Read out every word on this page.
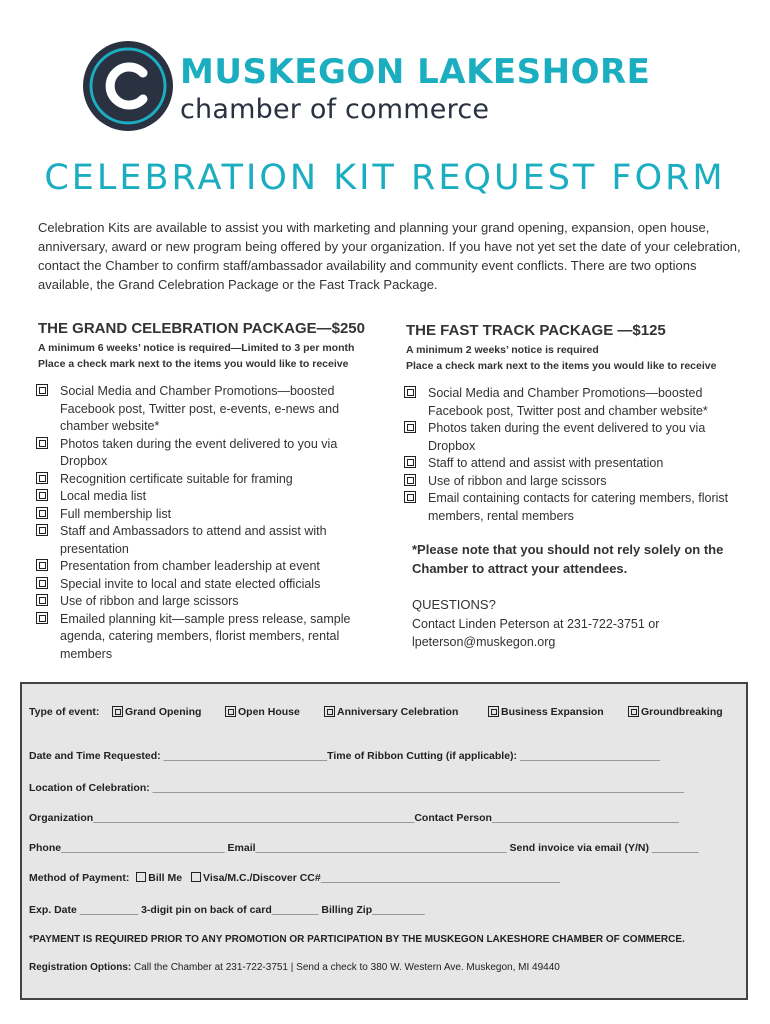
MUSKEGON LAKESHORE
chamber of commerce
CELEBRATION KIT REQUEST FORM
Celebration Kits are available to assist you with marketing and planning your grand opening, expansion, open house, anniversary, award or new program being offered by your organization. If you have not yet set the date of your celebration, contact the Chamber to confirm staff/ambassador availability and community event conflicts. There are two options available, the Grand Celebration Package or the Fast Track Package.
THE GRAND CELEBRATION PACKAGE—$250
A minimum 6 weeks’ notice is required—Limited to 3 per month
Place a check mark next to the items you would like to receive
Social Media and Chamber Promotions—boosted Facebook post, Twitter post, e-events, e-news and chamber website*
Photos taken during the event delivered to you via Dropbox
Recognition certificate suitable for framing
Local media list
Full membership list
Staff and Ambassadors to attend and assist with presentation
Presentation from chamber leadership at event
Special invite to local and state elected officials
Use of ribbon and large scissors
Emailed planning kit—sample press release, sample agenda, catering members, florist members, rental members
THE FAST TRACK PACKAGE —$125
A minimum 2 weeks’ notice is required
Place a check mark next to the items you would like to receive
Social Media and Chamber Promotions—boosted Facebook post, Twitter post and chamber website*
Photos taken during the event delivered to you via Dropbox
Staff to attend and assist with presentation
Use of ribbon and large scissors
Email containing contacts for catering members, florist members, rental members
*Please note that you should not rely solely on the Chamber to attract your attendees.
QUESTIONS?
Contact Linden Peterson at 231-722-3751 or
lpeterson@muskegon.org
Type of event:	Grand Opening	Open House	Anniversary Celebration	Business Expansion	Groundbreaking
Date and Time Requested: ____________________________Time of Ribbon Cutting (if applicable): ________________________
Location of Celebration: ___________________________________________________________________________________________
Organization_______________________________________________________Contact Person________________________________
Phone____________________________ Email___________________________________________ Send invoice via email (Y/N) ________
Method of Payment: Bill Me Visa/M.C./Discover CC#_________________________________________
Exp. Date __________ 3-digit pin on back of card________ Billing Zip_________
*PAYMENT IS REQUIRED PRIOR TO ANY PROMOTION OR PARTICIPATION BY THE MUSKEGON LAKESHORE CHAMBER OF COMMERCE.
Registration Options: Call the Chamber at 231-722-3751 | Send a check to 380 W. Western Ave. Muskegon, MI 49440
